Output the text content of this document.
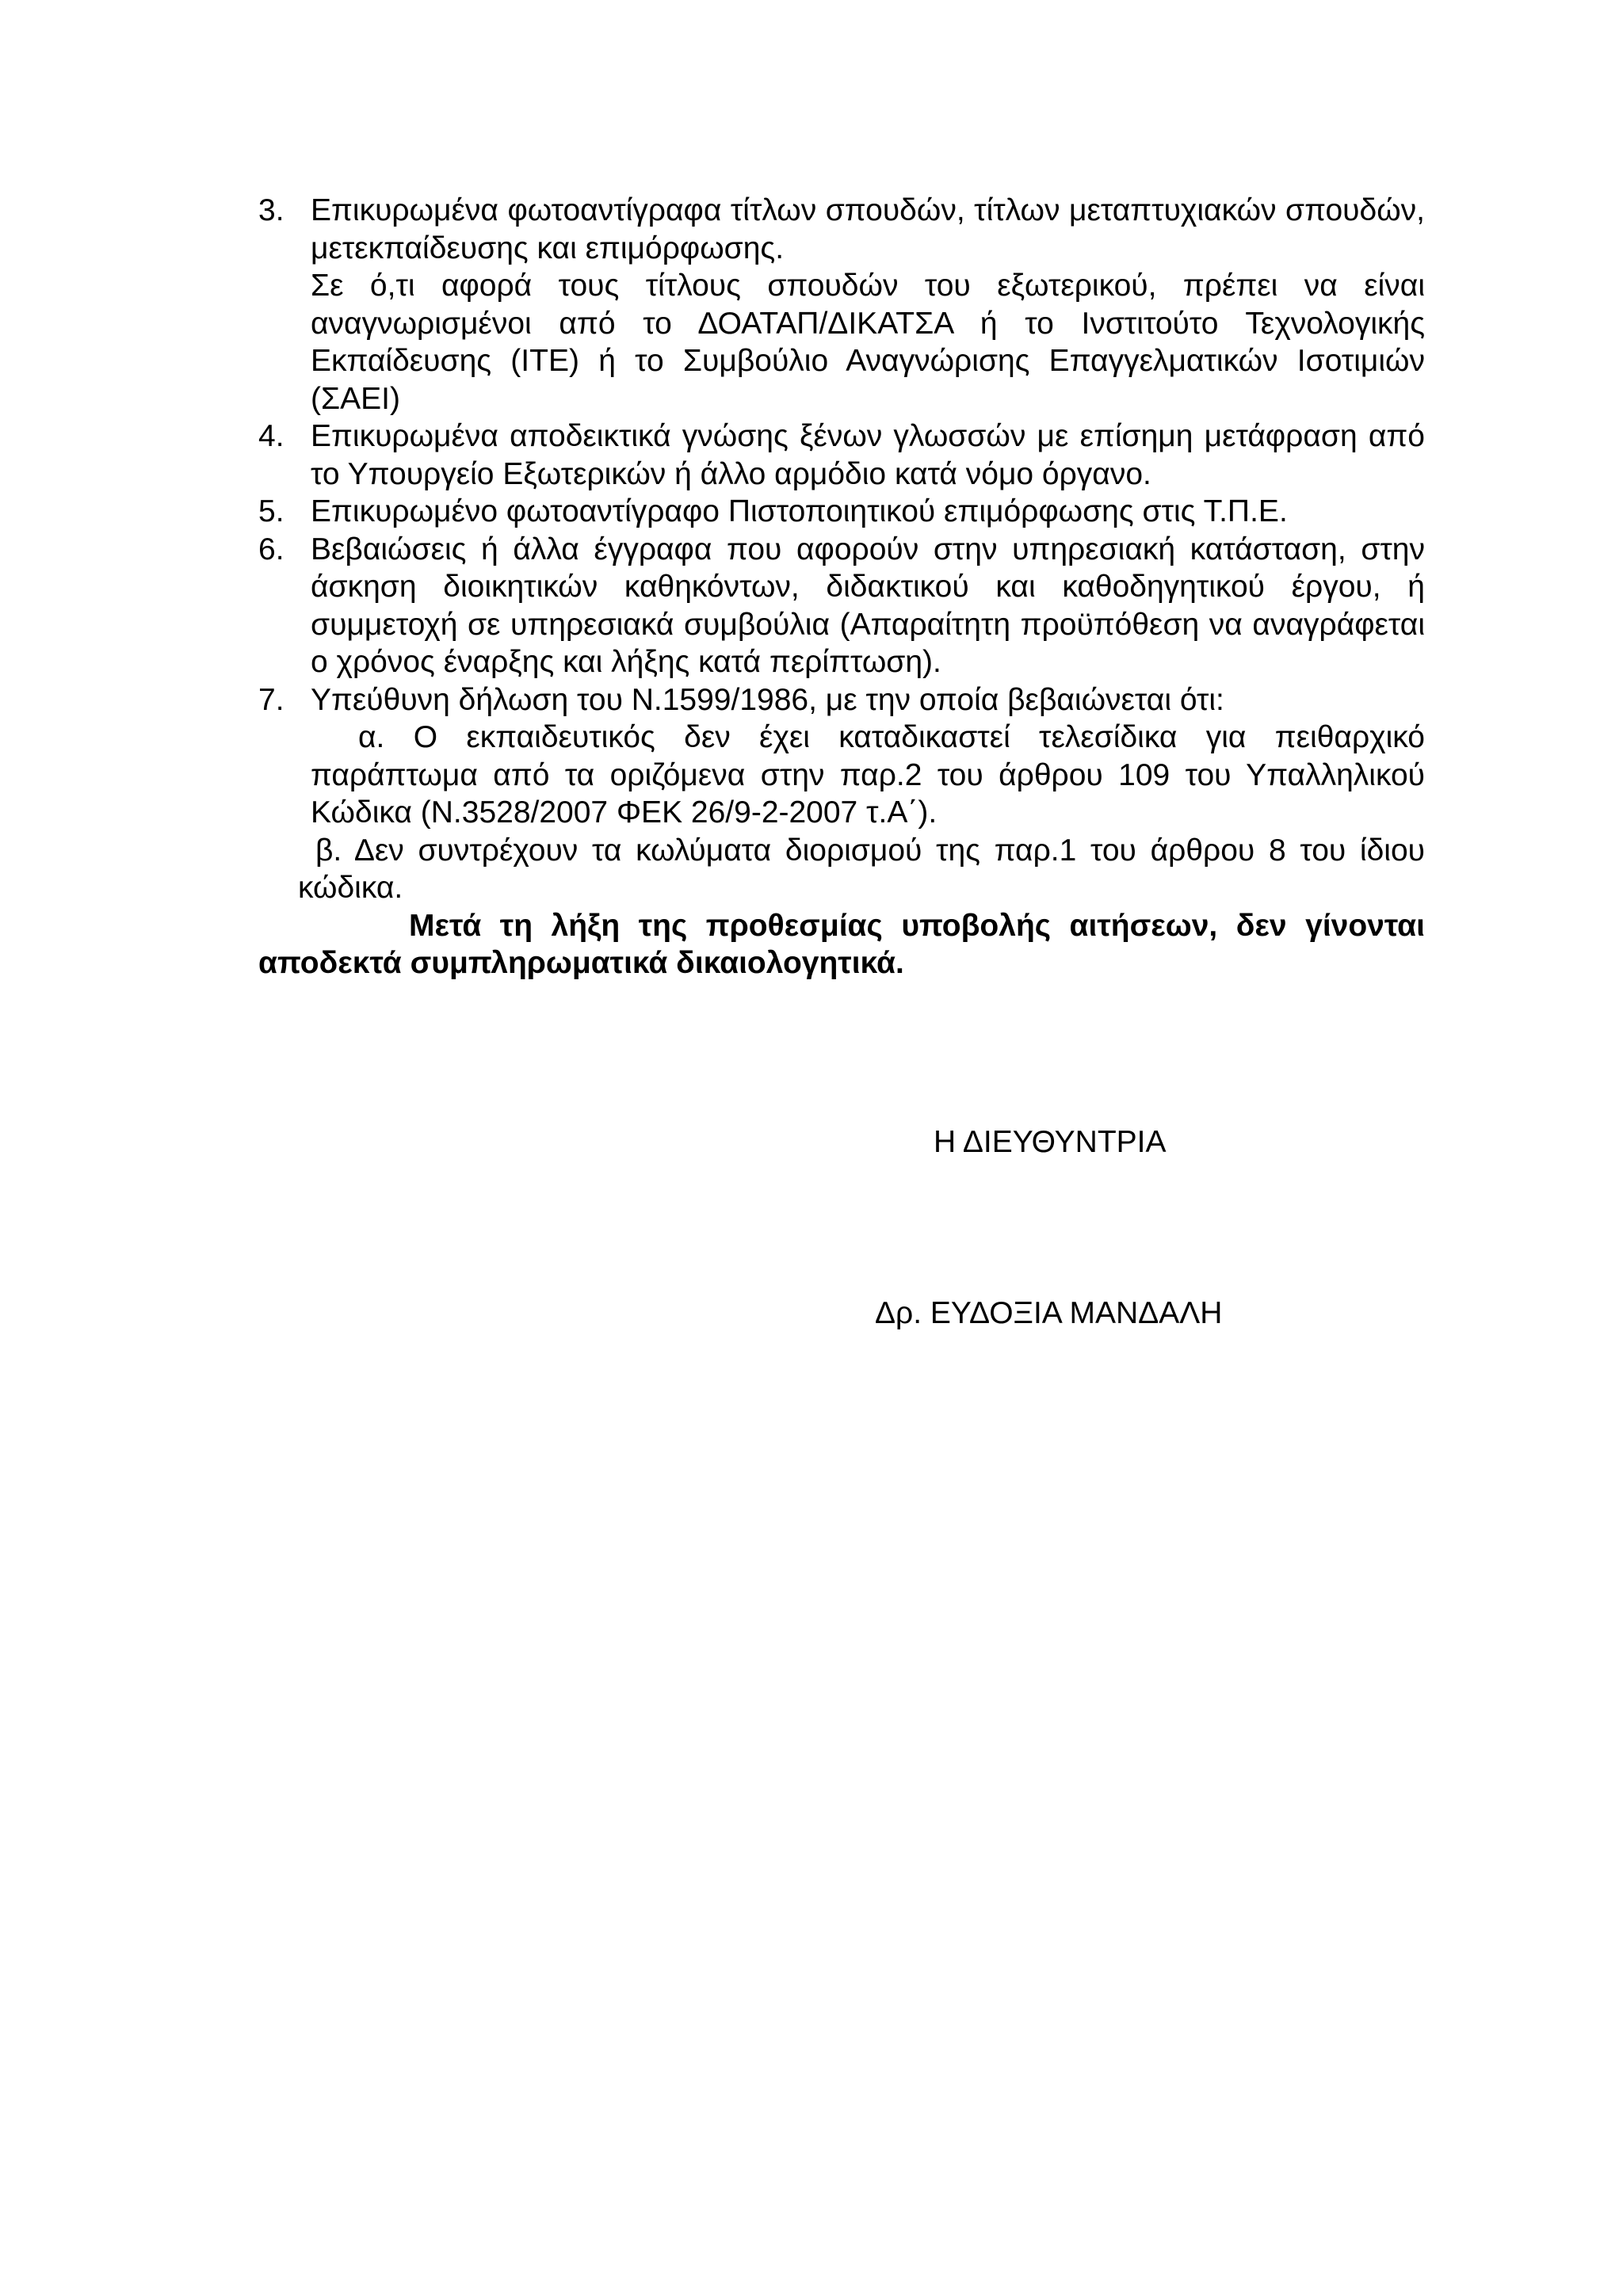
3. Επικυρωμένα φωτοαντίγραφα τίτλων σπουδών, τίτλων μεταπτυχιακών σπουδών, μετεκπαίδευσης και επιμόρφωσης.

Σε ό,τι αφορά τους τίτλους σπουδών του εξωτερικού, πρέπει να είναι αναγνωρισμένοι από το ΔΟΑΤΑΠ/ΔΙΚΑΤΣΑ ή το Ινστιτούτο Τεχνολογικής Εκπαίδευσης (ΙΤΕ) ή το Συμβούλιο Αναγνώρισης Επαγγελματικών Ισοτιμιών (ΣΑΕΙ)

4. Επικυρωμένα αποδεικτικά γνώσης ξένων γλωσσών με επίσημη μετάφραση από το Υπουργείο Εξωτερικών ή άλλο αρμόδιο κατά νόμο όργανο.

5. Επικυρωμένο φωτοαντίγραφο Πιστοποιητικού επιμόρφωσης στις Τ.Π.Ε.

6. Βεβαιώσεις ή άλλα έγγραφα που αφορούν στην υπηρεσιακή κατάσταση, στην άσκηση διοικητικών καθηκόντων, διδακτικού και καθοδηγητικού έργου, ή συμμετοχή σε υπηρεσιακά συμβούλια (Απαραίτητη προϋπόθεση να αναγράφεται ο χρόνος έναρξης και λήξης κατά περίπτωση).

7. Υπεύθυνη δήλωση του Ν.1599/1986, με την οποία βεβαιώνεται ότι:

α. Ο εκπαιδευτικός δεν έχει καταδικαστεί τελεσίδικα για πειθαρχικό παράπτωμα από τα οριζόμενα στην παρ.2 του άρθρου 109 του Υπαλληλικού Κώδικα (Ν.3528/2007 ΦΕΚ 26/9-2-2007 τ.Α΄).
β. Δεν συντρέχουν τα κωλύματα διορισμού της παρ.1 του άρθρου 8 του ίδιου κώδικα.

Μετά τη λήξη της προθεσμίας υποβολής αιτήσεων, δεν γίνονται αποδεκτά συμπληρωματικά δικαιολογητικά.

Η ΔΙΕΥΘΥΝΤΡΙΑ
Δρ. ΕΥΔΟΞΙΑ ΜΑΝΔΑΛΗ
